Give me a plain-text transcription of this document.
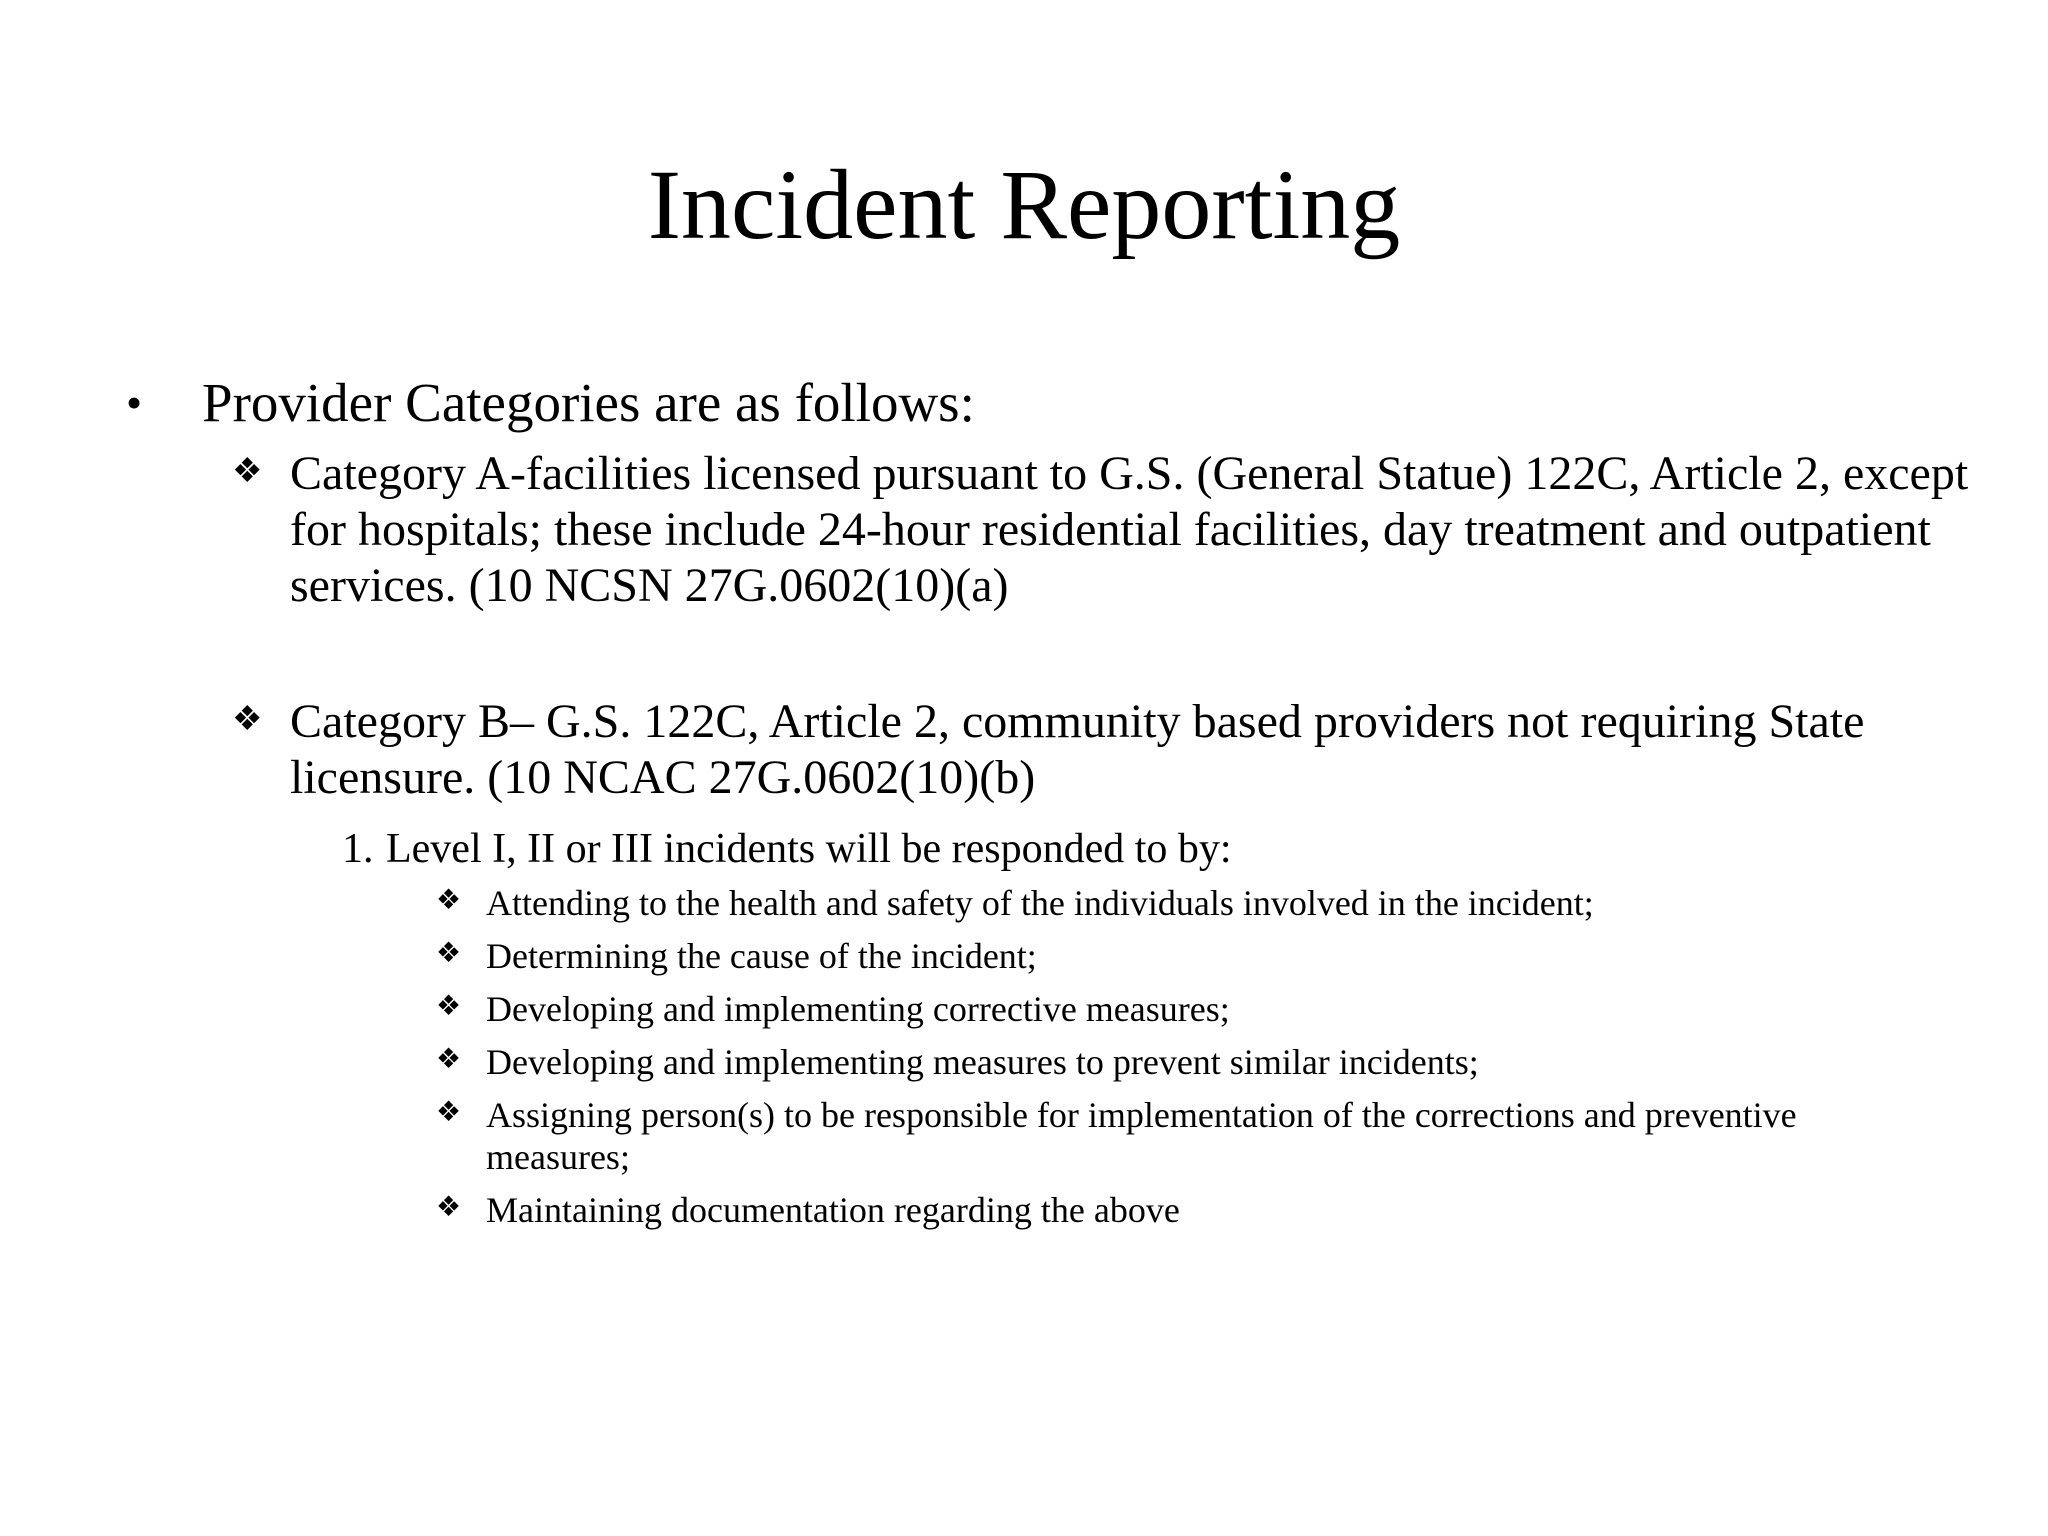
Incident Reporting
•	Provider Categories are as follows:
❖ Category A-facilities licensed pursuant to G.S. (General Statue) 122C, Article 2, except for hospitals; these include 24-hour residential facilities, day treatment and outpatient services. (10 NCSN 27G.0602(10)(a)
❖ Category B– G.S. 122C, Article 2, community based providers not requiring State licensure. (10 NCAC 27G.0602(10)(b)
1. Level I, II or III incidents will be responded to by:
❖ Attending to the health and safety of the individuals involved in the incident;
❖ Determining the cause of the incident;
❖ Developing and implementing corrective measures;
❖ Developing and implementing measures to prevent similar incidents;
❖ Assigning person(s) to be responsible for implementation of the corrections and preventive measures;
❖ Maintaining documentation regarding the above
